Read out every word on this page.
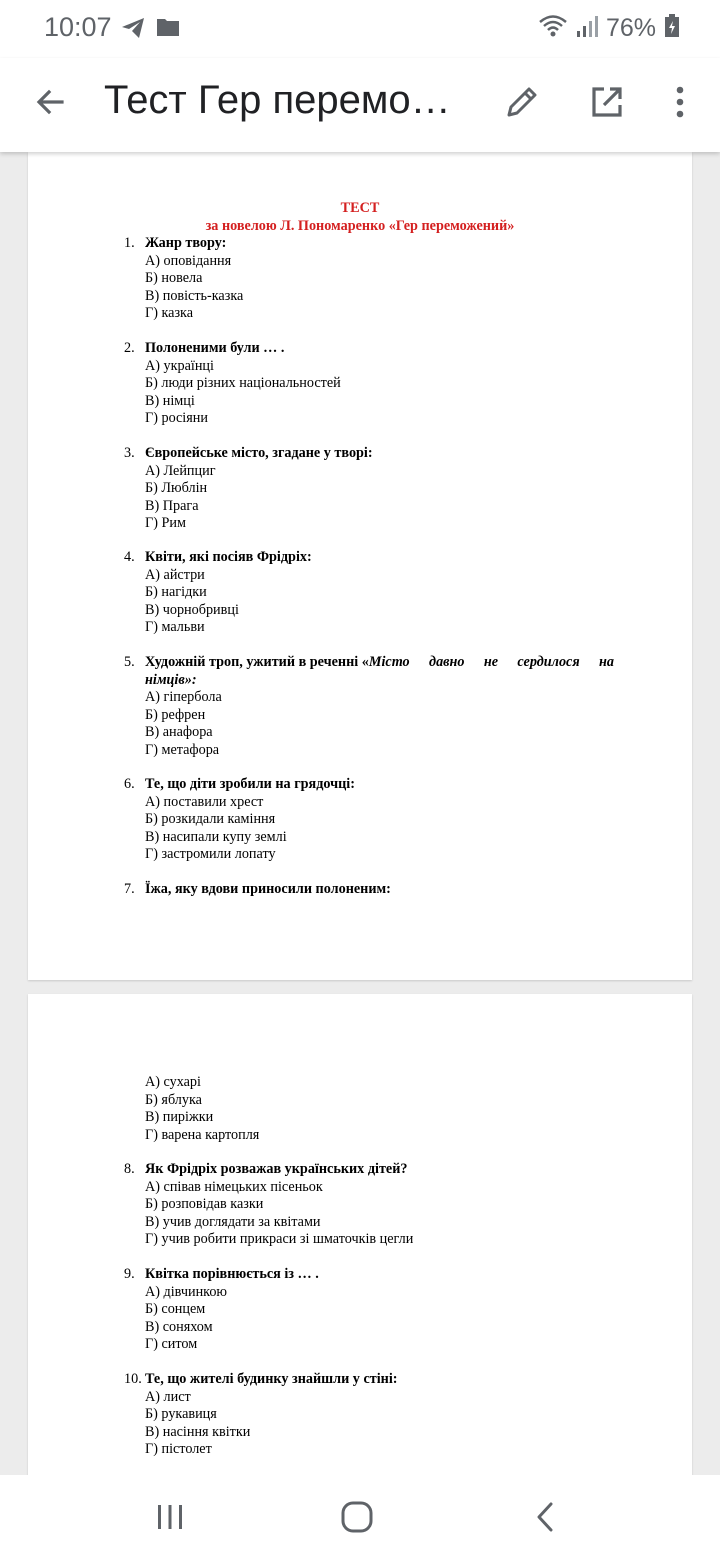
10:07	76%
Тест Гер перемо…
ТЕСТ
за новелою Л. Пономаренко «Гер переможений»
1. Жанр твору:
А) оповідання
Б) новела
В) повість-казка
Г) казка
2. Полоненими були … .
А) українці
Б) люди різних національностей
В) німці
Г) росіяни
3. Європейське місто, згадане у творі:
А) Лейпциг
Б) Люблін
В) Прага
Г) Рим
4. Квіти, які посіяв Фрідріх:
А) айстри
Б) нагідки
В) чорнобривці
Г) мальви
5. Художній троп, ужитий в реченні « Місто давно не сердилося на
німців»:
А) гіпербола
Б) рефрен
В) анафора
Г) метафора
6. Те, що діти зробили на грядочці:
А) поставили хрест
Б) розкидали каміння
В) насипали купу землі
Г) застромили лопату
7. Їжа, яку вдови приносили полоненим:
А) сухарі
Б) яблука
В) пиріжки
Г) варена картопля
8. Як Фрідріх розважав українських дітей?
А) співав німецьких пісеньок
Б) розповідав казки
В) учив доглядати за квітами
Г) учив робити прикраси зі шматочків цегли
9. Квітка порівнюється із … .
А) дівчинкою
Б) сонцем
В) соняхом
Г) ситом
10. Те, що жителі будинку знайшли у стіні:
А) лист
Б) рукавиця
В) насіння квітки
Г) пістолет
